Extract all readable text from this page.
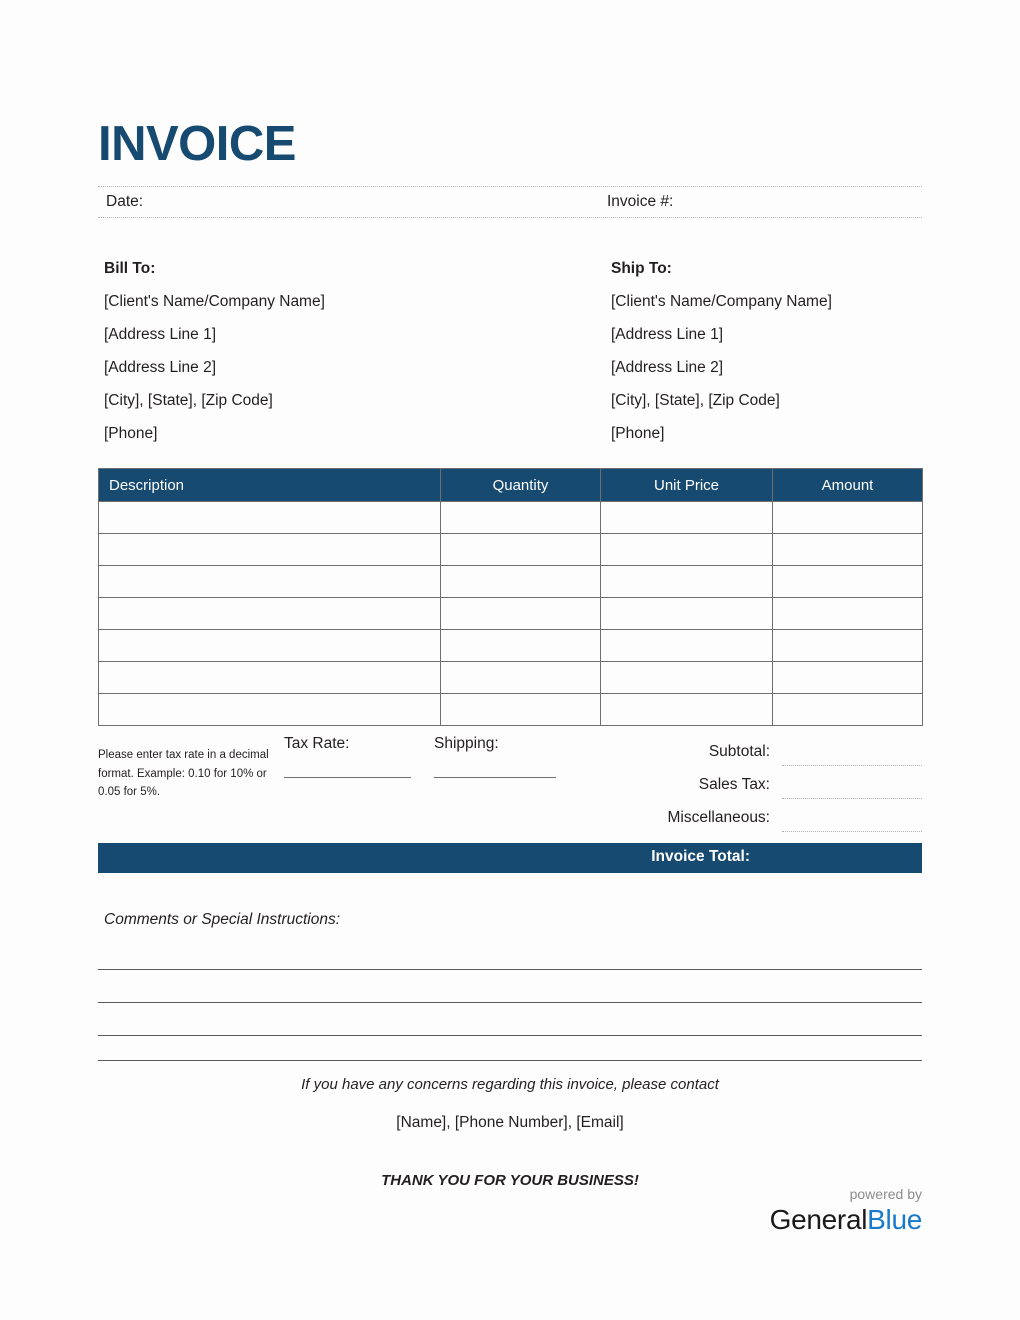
INVOICE
Date:	Invoice #:
Bill To:
[Client's Name/Company Name]
[Address Line 1]
[Address Line 2]
[City], [State], [Zip Code]
[Phone]
Ship To:
[Client's Name/Company Name]
[Address Line 1]
[Address Line 2]
[City], [State], [Zip Code]
[Phone]
Description	Quantity	Unit Price	Amount

Please enter tax rate in a decimal format. Example: 0.10 for 10% or 0.05 for 5%.
Tax Rate:	Shipping:	Subtotal:
Sales Tax:
Miscellaneous:
Invoice Total:
Comments or Special Instructions:
If you have any concerns regarding this invoice, please contact
[Name], [Phone Number], [Email]
THANK YOU FOR YOUR BUSINESS!
powered by
GeneralBlue
